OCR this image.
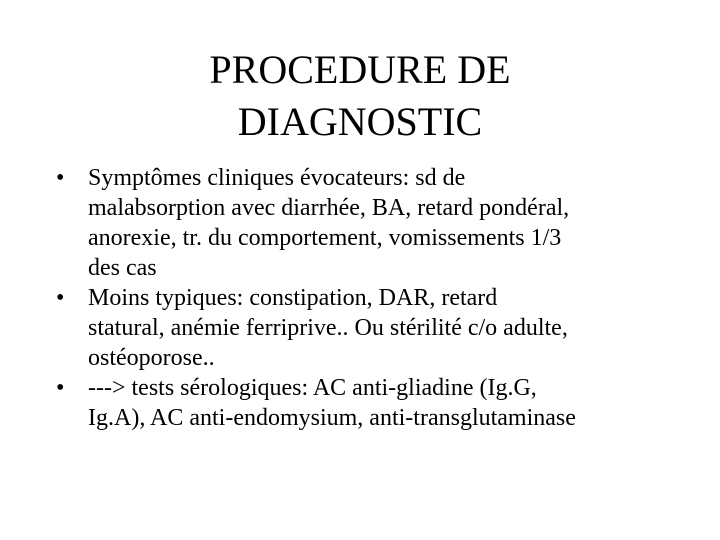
PROCEDURE DE
DIAGNOSTIC
• Symptômes cliniques évocateurs: sd de
malabsorption avec diarrhée, BA, retard pondéral,
anorexie, tr. du comportement, vomissements 1/3
des cas
• Moins typiques: constipation, DAR, retard
statural, anémie ferriprive.. Ou stérilité c/o adulte,
ostéoporose..
• ---> tests sérologiques: AC anti-gliadine (Ig.G,
Ig.A), AC anti-endomysium, anti-transglutaminase
